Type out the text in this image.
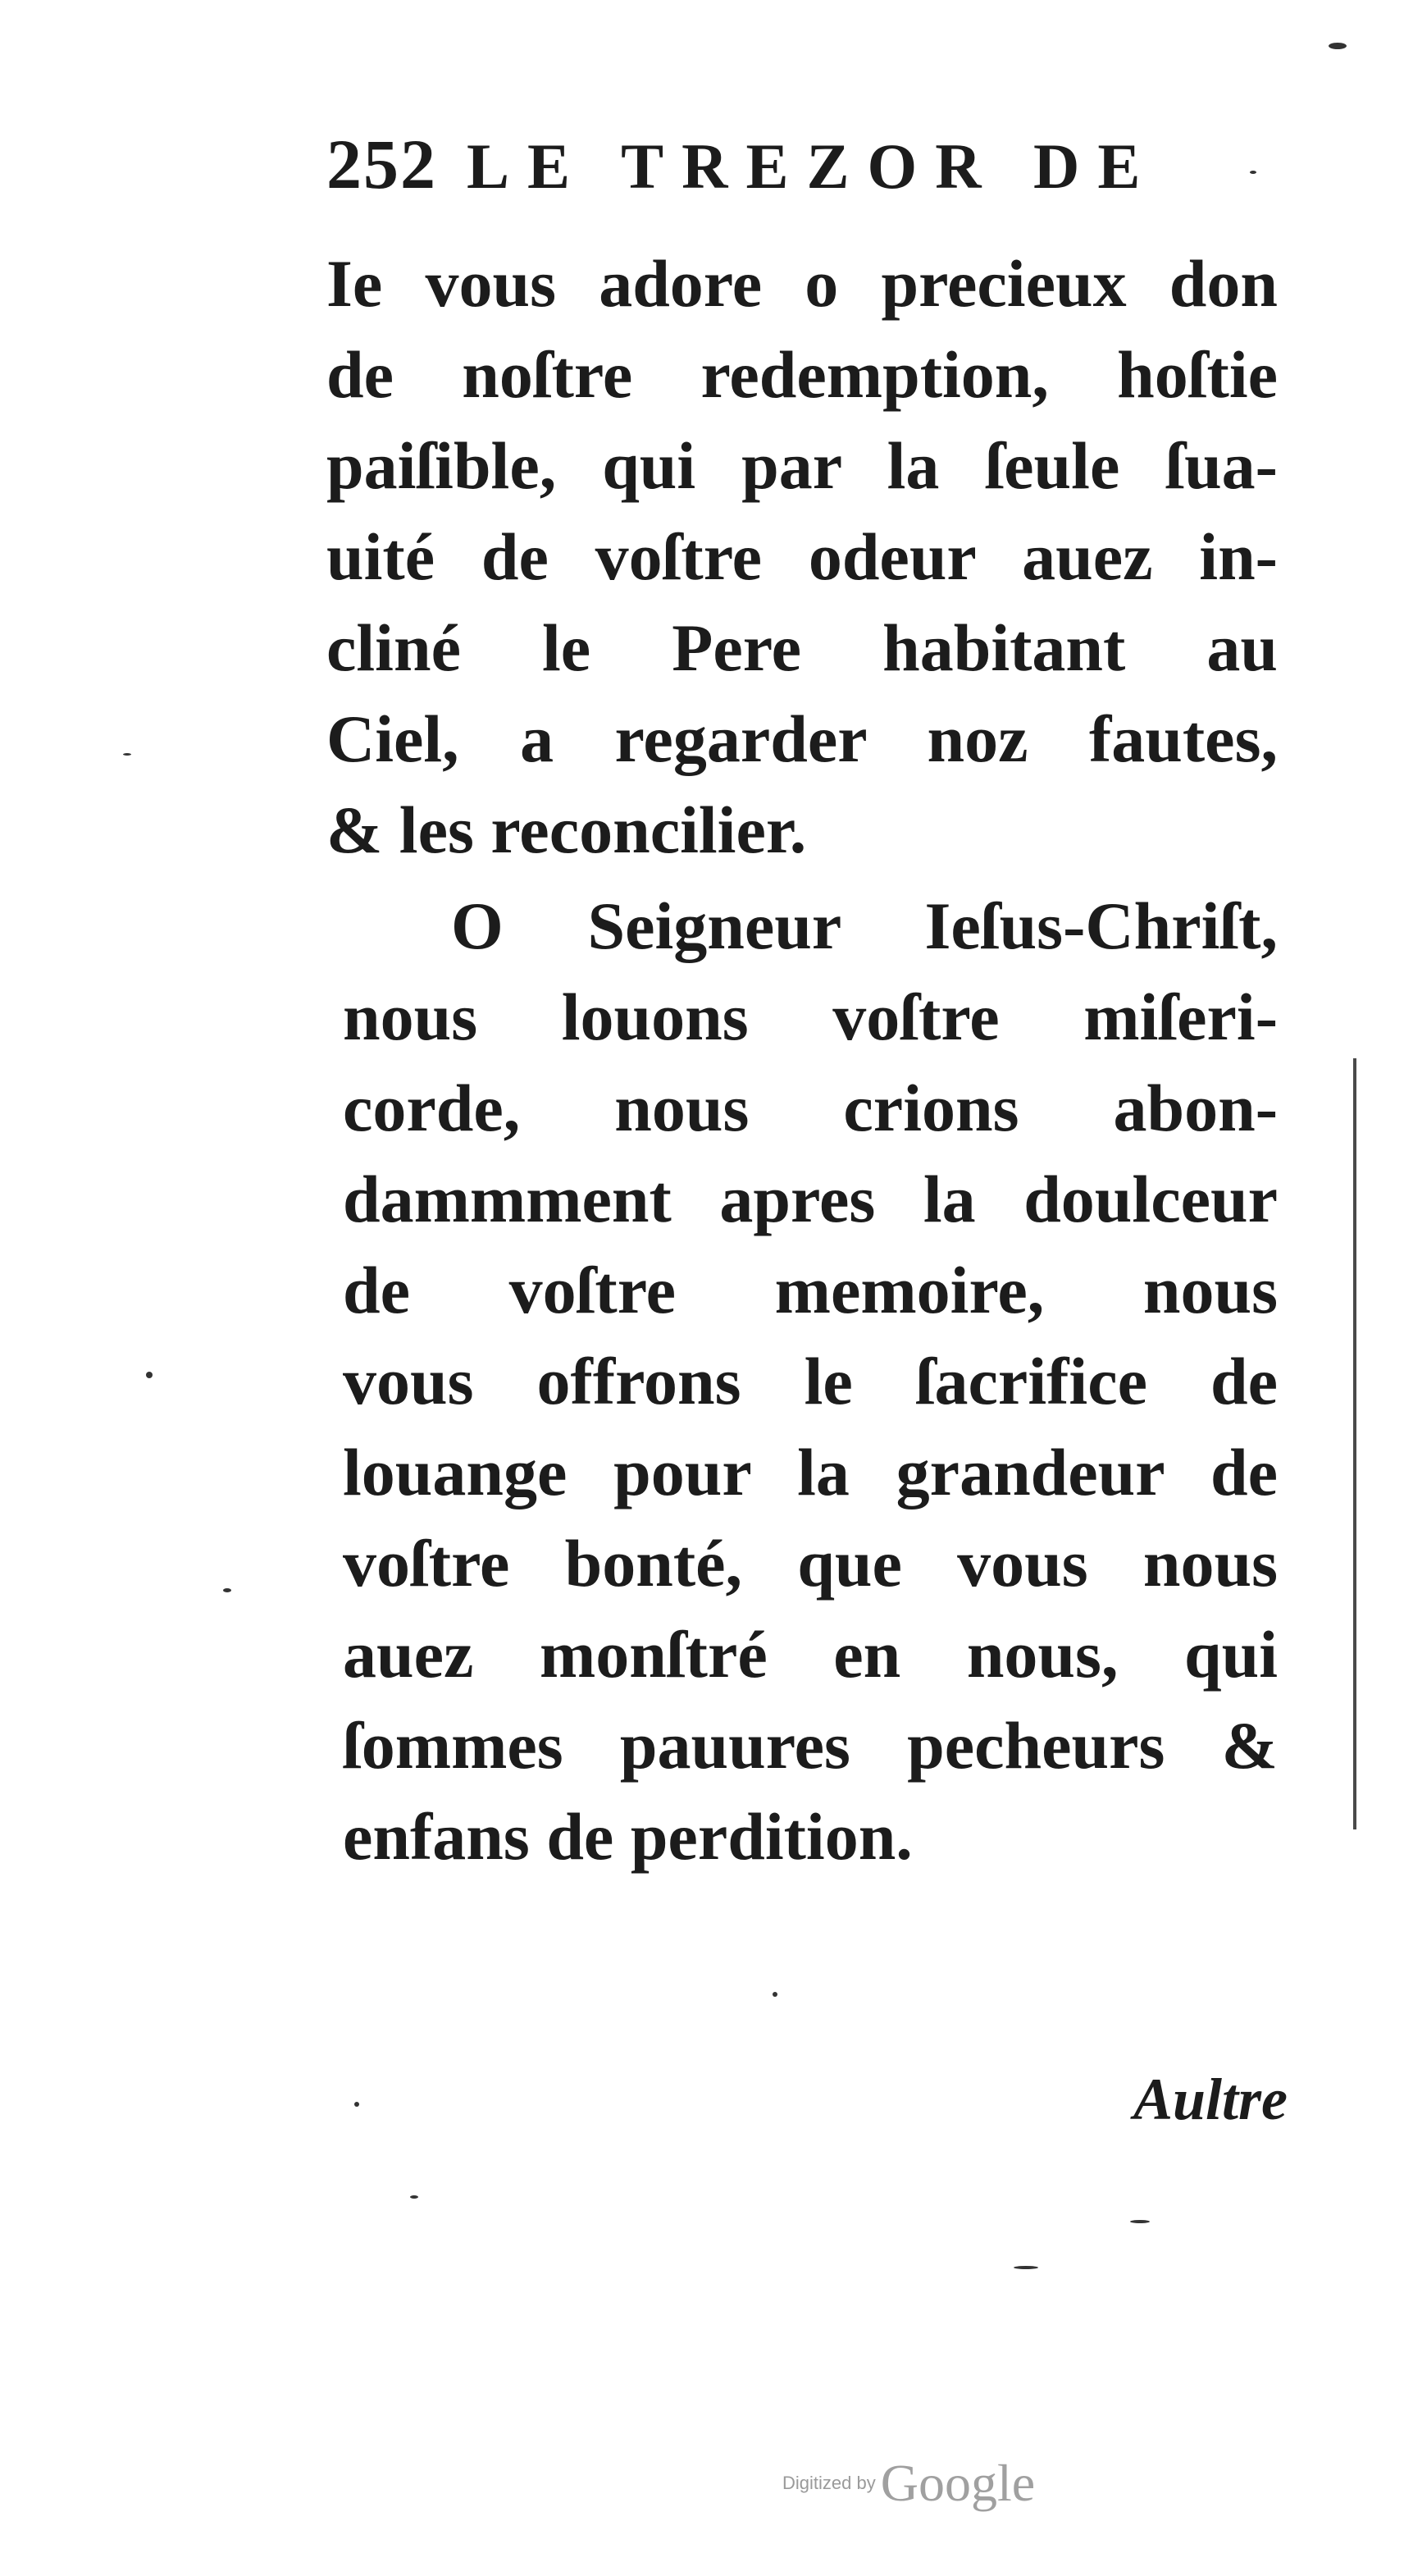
252 LE TREZOR DE
Ie vous adore o precieux don
de noſtre redemption, hoſtie
paiſible, qui par la ſeule ſua-
uité de voſtre odeur auez in-
cliné le Pere habitant au
Ciel, a regarder noz fautes,
& les reconcilier.
O Seigneur Ieſus-Chriſt,
nous louons voſtre miſeri-
corde, nous crions abon-
dammment apres la doulceur
de voſtre memoire, nous
vous offrons le ſacrifice de
louange pour la grandeur de
voſtre bonté, que vous nous
auez monſtré en nous, qui
ſommes pauures pecheurs &
enfans de perdition.
Aultre
Digitized byGoogle
